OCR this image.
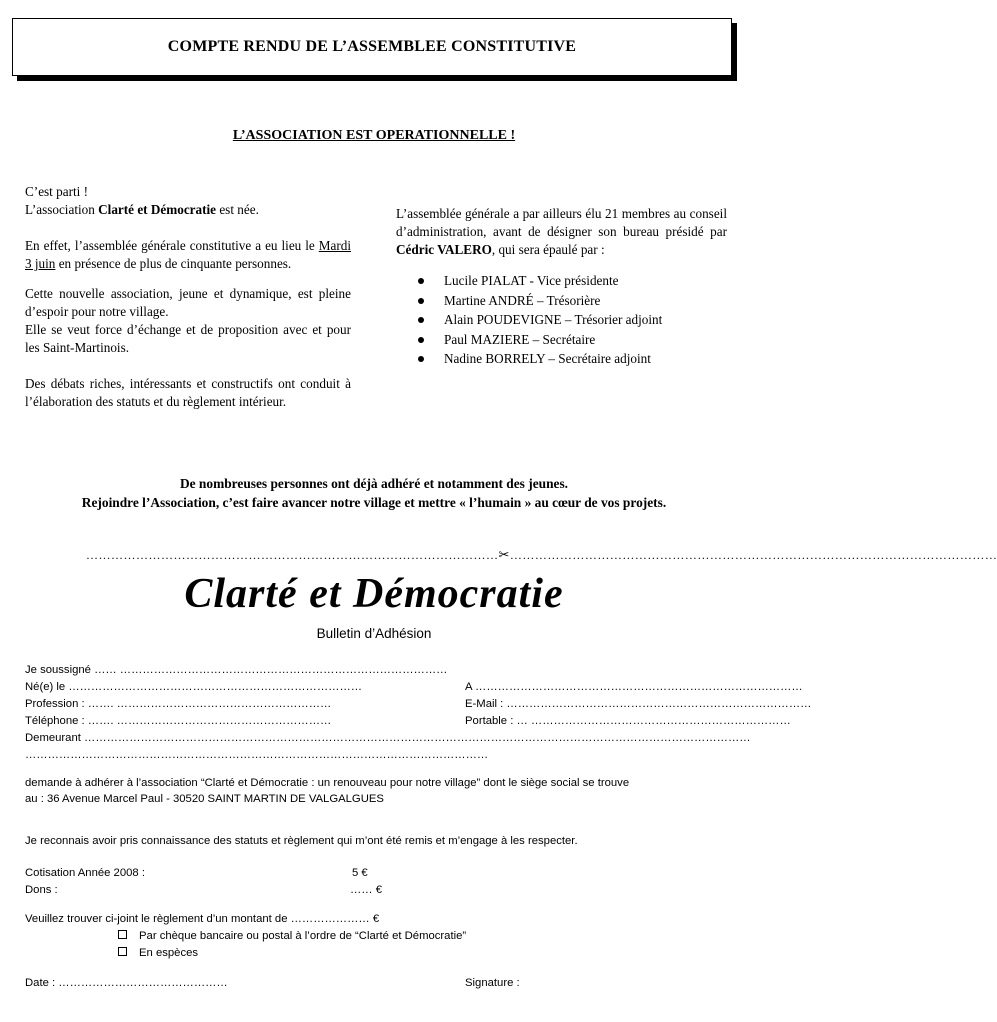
COMPTE RENDU DE L’ASSEMBLEE CONSTITUTIVE
L’ASSOCIATION EST OPERATIONNELLE !

C’est parti !

L’association Clarté et Démocratie est née.

En effet, l’assemblée générale constitutive a eu lieu le Mardi 3 juin en présence de plus de cinquante personnes.

Cette nouvelle association, jeune et dynamique, est pleine d’espoir pour notre village.

Elle se veut force d’échange et de proposition avec et pour les Saint-Martinois.

Des débats riches, intéressants et constructifs ont conduit à l’élaboration des statuts et du règlement intérieur.

L’assemblée générale a par ailleurs élu 21 membres au conseil d’administration, avant de désigner son bureau présidé par Cédric VALERO, qui sera épaulé par :

Lucile PIALAT - Vice présidente
Martine ANDRÉ – Trésorière
Alain POUDEVIGNE – Trésorier adjoint
Paul MAZIERE – Secrétaire
Nadine BORRELY – Secrétaire adjoint
De nombreuses personnes ont déjà adhéré et notamment des jeunes.
Rejoindre l’Association, c’est faire avancer notre village et mettre « l’humain » au cœur de vos projets.
………………………………………………………………………………………✂………………………………………………………………………………………………………
Clarté et Démocratie
Bulletin d’Adhésion
Je soussigné …… ……………………………………………………………………………
Né(e) le ……………………………………………………………………	A ……………………………………………………………………………
Profession : ……. …………………………………………………	E-Mail : ………………………………………………………………………
Téléphone : ……. …………………………………………………	Portable : … ……………………………………………………………
Demeurant ……………………………………………………………………………………………………………………………………………………………
……………………………………………………………………………………………………………
demande à adhérer à l’association “Clarté et Démocratie : un renouveau pour notre village” dont le siège social se trouve
au : 36 Avenue Marcel Paul - 30520 SAINT MARTIN DE VALGALGUES
Je reconnais avoir pris connaissance des statuts et règlement qui m’ont été remis et m’engage à les respecter.
Cotisation Année 2008 :	5 €
Dons :	…… €
Veuillez trouver ci-joint le règlement d’un montant de ………………… €
Par chèque bancaire ou postal à l’ordre de “Clarté et Démocratie”
En espèces
Date : ………………………………………	Signature :
